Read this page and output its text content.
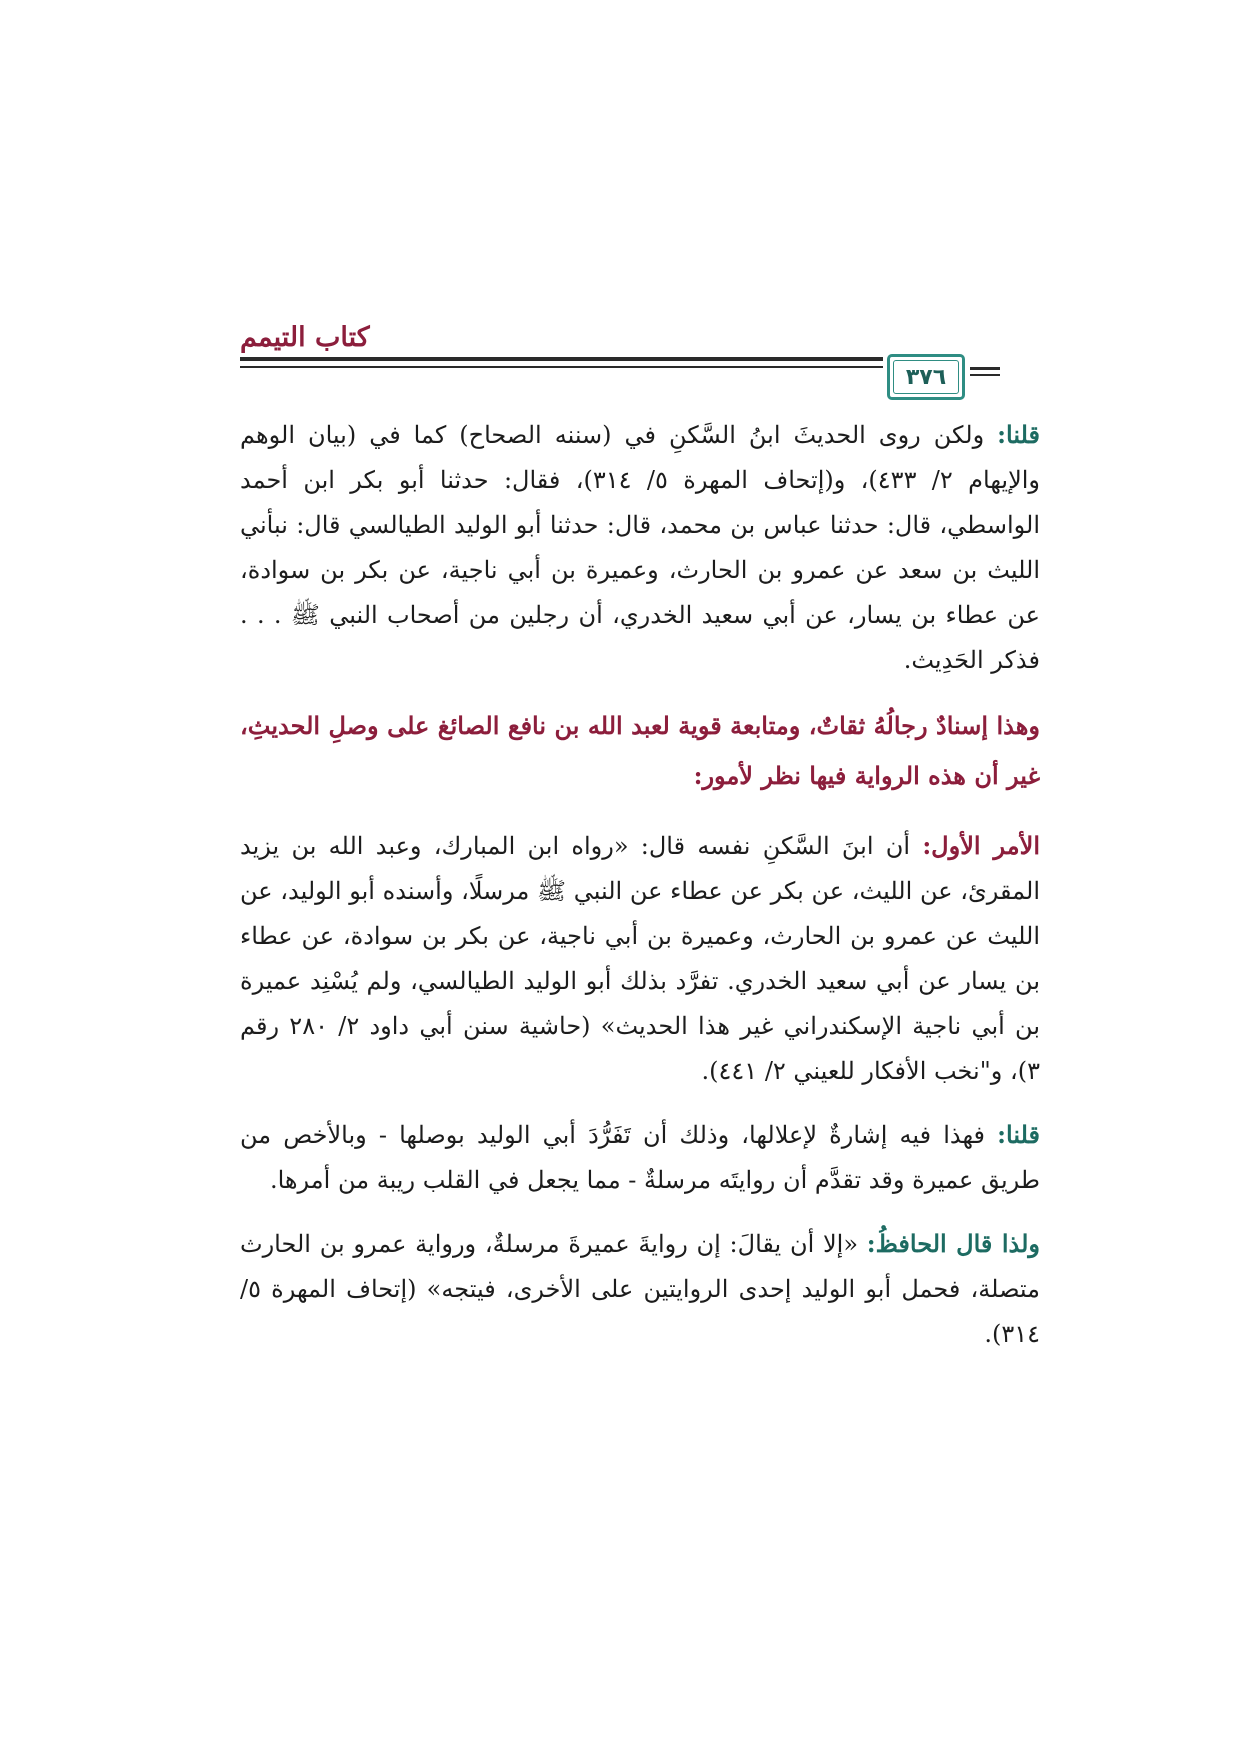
كتاب التيمم
٣٧٦

قلنا: ولكن روى الحديثَ ابنُ السَّكنِ في (سننه الصحاح) كما في (بيان الوهم والإيهام ٢/ ٤٣٣)، و(إتحاف المهرة ٥/ ٣١٤)، فقال: حدثنا أبو بكر ابن أحمد الواسطي، قال: حدثنا عباس بن محمد، قال: حدثنا أبو الوليد الطيالسي قال: نبأني الليث بن سعد عن عمرو بن الحارث، وعميرة بن أبي ناجية، عن بكر بن سوادة، عن عطاء بن يسار، عن أبي سعيد الخدري، أن رجلين من أصحاب النبي ﷺ . . . فذكر الحَدِيث.

وهذا إسنادٌ رجالُهُ ثقاتٌ، ومتابعة قوية لعبد الله بن نافع الصائغ على وصلِ الحديثِ، غير أن هذه الرواية فيها نظر لأمور:

الأمر الأول: أن ابنَ السَّكنِ نفسه قال: «رواه ابن المبارك، وعبد الله بن يزيد المقرئ، عن الليث، عن بكر عن عطاء عن النبي ﷺ مرسلًا، وأسنده أبو الوليد، عن الليث عن عمرو بن الحارث، وعميرة بن أبي ناجية، عن بكر بن سوادة، عن عطاء بن يسار عن أبي سعيد الخدري. تفرَّد بذلك أبو الوليد الطيالسي، ولم يُسْنِد عميرة بن أبي ناجية الإسكندراني غير هذا الحديث» (حاشية سنن أبي داود ٢/ ٢٨٠ رقم ٣)، و"نخب الأفكار للعيني ٢/ ٤٤١).

قلنا: فهذا فيه إشارةٌ لإعلالها، وذلك أن تَفَرُّدَ أبي الوليد بوصلها - وبالأخص من طريق عميرة وقد تقدَّم أن روايتَه مرسلةٌ - مما يجعل في القلب ريبة من أمرها.

ولذا قال الحافظُ: «إلا أن يقالَ: إن روايةَ عميرةَ مرسلةٌ، ورواية عمرو بن الحارث متصلة، فحمل أبو الوليد إحدى الروايتين على الأخرى، فيتجه» (إتحاف المهرة ٥/ ٣١٤).
